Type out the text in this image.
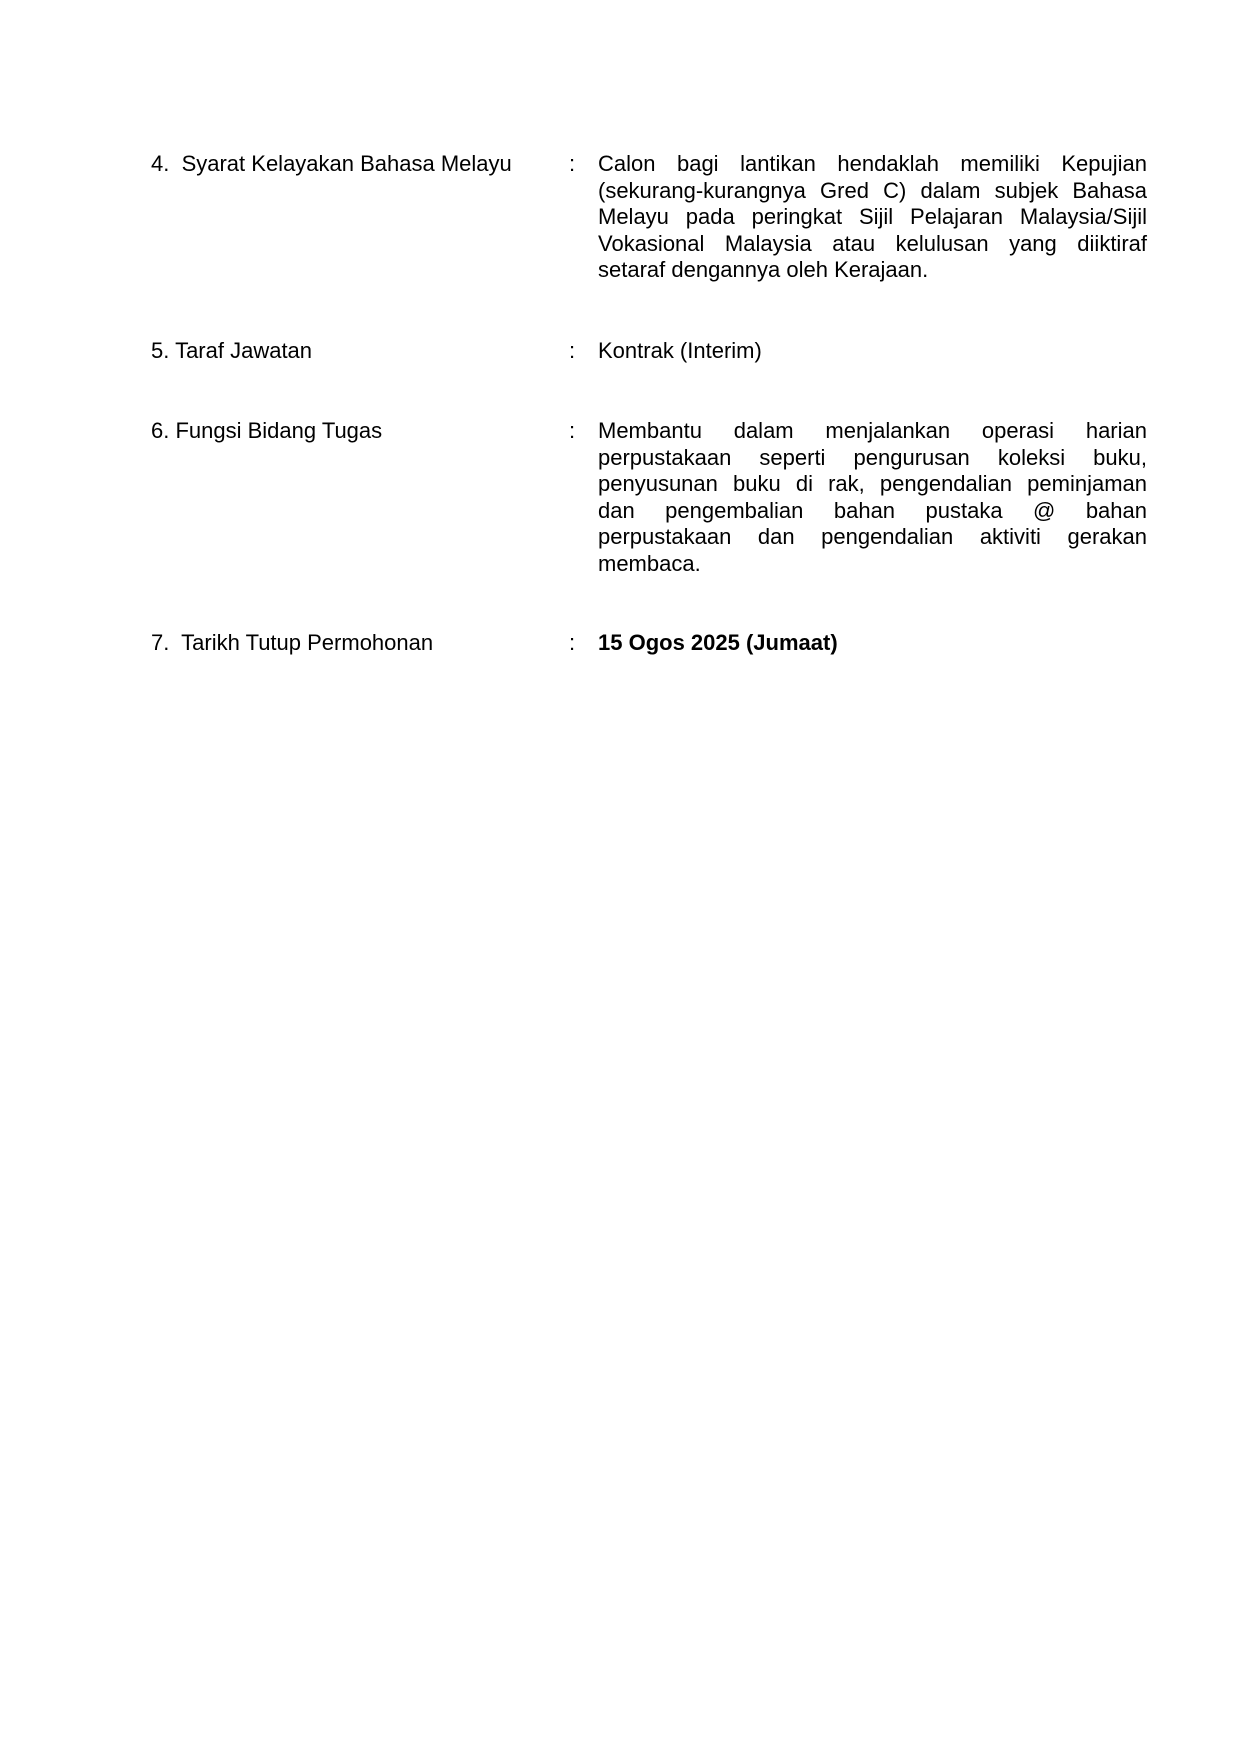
4.  Syarat Kelayakan Bahasa Melayu	: Calon bagi lantikan hendaklah memiliki Kepujian
(sekurang-kurangnya Gred C) dalam subjek Bahasa
Melayu pada peringkat Sijil Pelajaran Malaysia/Sijil
Vokasional Malaysia atau kelulusan yang diiktiraf
setaraf dengannya oleh Kerajaan.
5. Taraf Jawatan	: Kontrak (Interim)
6. Fungsi Bidang Tugas	: Membantu dalam menjalankan operasi harian
perpustakaan seperti pengurusan koleksi buku,
penyusunan buku di rak, pengendalian peminjaman
dan pengembalian bahan pustaka @ bahan
perpustakaan dan pengendalian aktiviti gerakan
membaca.
7.  Tarikh Tutup Permohonan	: 15 Ogos 2025 (Jumaat)
